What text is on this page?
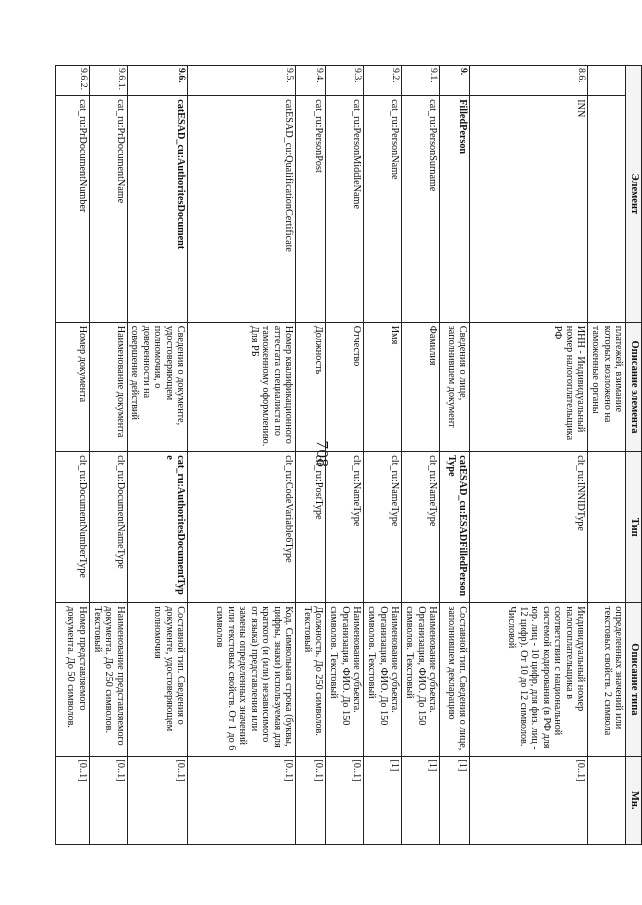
708
Элемент		Описание элемента	Тип	Описание типа	Мн.
		платежей, взимание которых возложено на таможенные органы		определенных значений или текстовых свойств. 2 символа	
8.6.	INN	ИНН - Индивидуальный номер налогоплательщика РФ	clt_ru:INNIDType	Индивидуальный номер налогоплательщика в соответствии с национальной системой кодирования (в РФ для юр. лиц - 10 цифр, для физ. лиц - 12 цифр). От 10 до 12 символов. Числовой	[0..1]
9.	FilledPerson	Сведения о лице, заполнившем документ	catESAD_cu:ESADFilledPersonType	Составной тип. Сведения о лице, заполнившем декларацию	[1]
9.1.	cat_ru:PersonSurname	Фамилия	clt_ru:NameType	Наименование субъекта. Организация, ФИО. До 150 символов. Текстовый	[1]
9.2.	cat_ru:PersonName	Имя	clt_ru:NameType	Наименование субъекта. Организация, ФИО. До 150 символов. Текстовый	[1]
9.3.	cat_ru:PersonMiddleName	Отчество	clt_ru:NameType	Наименование субъекта. Организация, ФИО. До 150 символов. Текстовый	[0..1]
9.4.	cat_ru:PersonPost	Должность	clt_ru:PostType	Должность. До 250 символов. Текстовый	[0..1]
9.5.	catESAD_cu:QualificationCertificate	Номер квалификационного аттестата специалиста по таможенному оформлению. Для РБ	clt_ru:CodeVariable6Type	Код. Символьная строка (буквы, цифры, знаки) используемая для краткого (и (или) независимого от языка) представления или замены определенных значений или текстовых свойств. От 1 до 6 символов	[0..1]
9.6.	catESAD_cu:AuthoritesDocument	Сведения о документе, удостоверяющем полномочия, о доверенности на совершение действий	cat_ru:AuthoritesDocumentType	Составной тип. Сведения о документе, удостоверяющем полномочия	[0..1]
9.6.1.	cat_ru:PrDocumentName	Наименование документа	clt_ru:DocumentNameType	Наименование представляемого документа. До 250 символов. Текстовый	[0..1]
9.6.2.	cat_ru:PrDocumentNumber	Номер документа	clt_ru:DocumentNumberType	Номер представляемого документа. До 50 символов.	[0..1]
